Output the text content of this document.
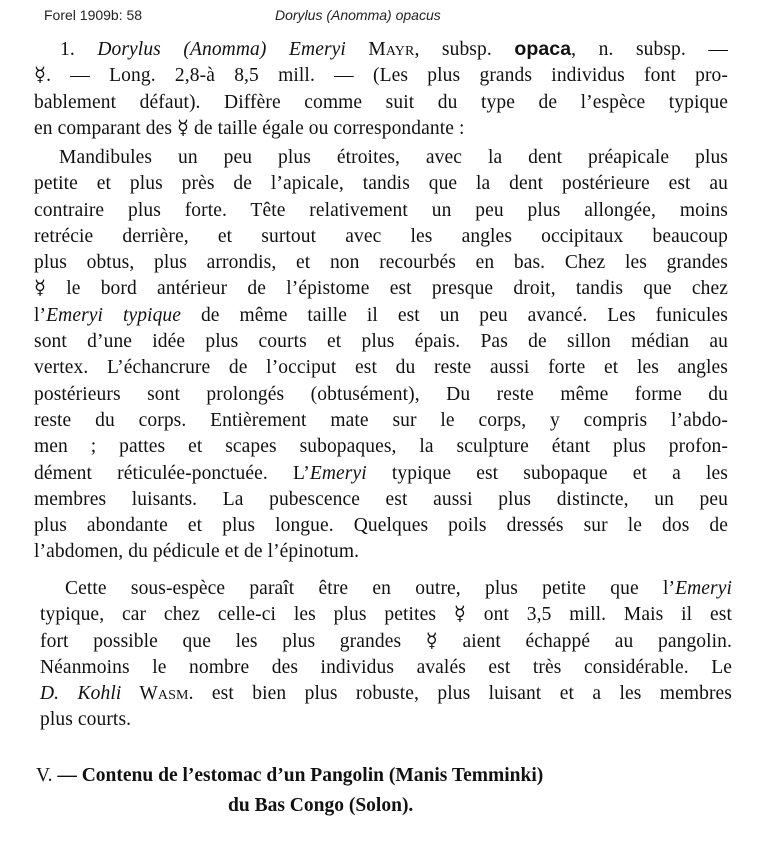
Forel 1909b: 58	Dorylus (Anomma) opacus
1. Dorylus (Anomma) Emeryi Mayr, subsp. opaca, n. subsp. —
☿. — Long. 2,8-à 8,5 mill. — (Les plus grands individus font pro-
bablement défaut). Diffère comme suit du type de l’espèce typique
en comparant des ☿ de taille égale ou correspondante :
Mandibules un peu plus étroites, avec la dent préapicale plus
petite et plus près de l’apicale, tandis que la dent postérieure est au
contraire plus forte. Tête relativement un peu plus allongée, moins
retrécie derrière, et surtout avec les angles occipitaux beaucoup
plus obtus, plus arrondis, et non recourbés en bas. Chez les grandes
☿ le bord antérieur de l’épistome est presque droit, tandis que chez
l’Emeryi typique de même taille il est un peu avancé. Les funicules
sont d’une idée plus courts et plus épais. Pas de sillon médian au
vertex. L’échancrure de l’occiput est du reste aussi forte et les angles
postérieurs sont prolongés (obtusément), Du reste même forme du
reste du corps. Entièrement mate sur le corps, y compris l’abdo-
men ; pattes et scapes subopaques, la sculpture étant plus profon-
dément réticulée-ponctuée. L’Emeryi typique est subopaque et a les
membres luisants. La pubescence est aussi plus distincte, un peu
plus abondante et plus longue. Quelques poils dressés sur le dos de
l’abdomen, du pédicule et de l’épinotum.
Cette sous-espèce paraît être en outre, plus petite que l’Emeryi
typique, car chez celle-ci les plus petites ☿ ont 3,5 mill. Mais il est
fort possible que les plus grandes ☿ aient échappé au pangolin.
Néanmoins le nombre des individus avalés est très considérable. Le
D. Kohli Wasm. est bien plus robuste, plus luisant et a les membres
plus courts.
V. — Contenu de l’estomac d’un Pangolin (Manis Temminki)
du Bas Congo (Solon).
